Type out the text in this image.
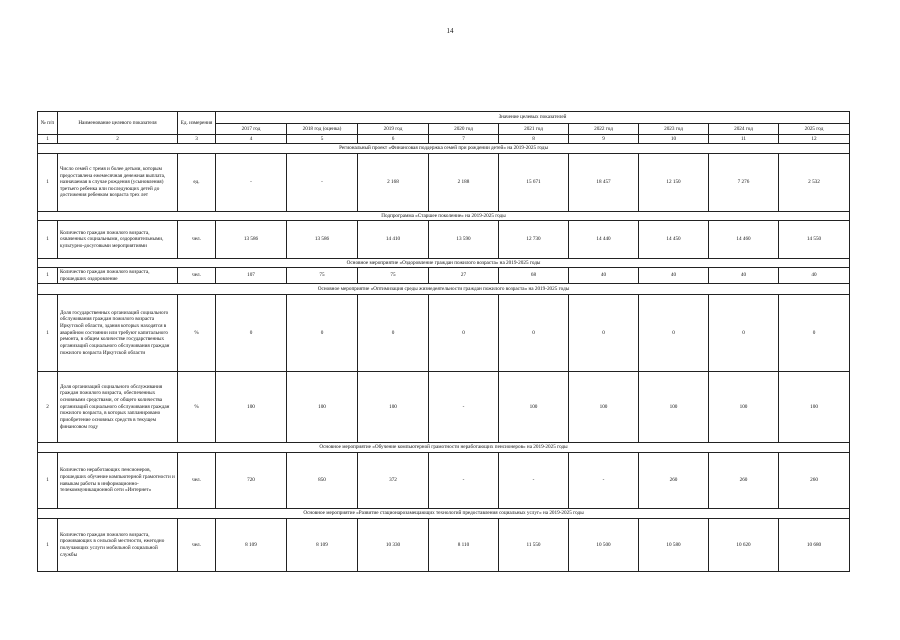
14
№ п/п	Наименование целевого показателя	Ед. измерения	Значение целевых показателей								
			2017 год	2018 год (оценка)	2019 год	2020 год	2021 год	2022 год	2023 год	2024 год	2025 год
1	2	3	4	5	6	7	8	9	10	11	12
Региональный проект «Финансовая поддержка семей при рождении детей» на 2019-2025 годы											
1	Число семей с тремя и более детьми, которым предоставлена ежемесячная денежная выплата, назначаемая в случае рождения (усыновления) третьего ребенка или последующих детей до достижения ребенком возраста трех лет	ед.	-	-	2 168	2 188	15 671	18 457	12 150	7 276	2 532
Подпрограмма «Старшее поколение» на 2019-2025 годы											
1	Количество граждан пожилого возраста, охваченных социальными, оздоровительными, культурно-досуговыми мероприятиями	чел.	13 586	13 586	14 410	13 590	12 730	14 440	14 450	14 460	14 550
Основное мероприятие «Оздоровление граждан пожилого возраста» на 2019-2025 годы											
1	Количество граждан пожилого возраста, прошедших оздоровление	чел.	107	75	75	27	68	40	40	40	40
Основное мероприятие «Оптимизация среды жизнедеятельности граждан пожилого возраста» на 2019-2025 годы											
1	Доля государственных организаций социального обслуживания граждан пожилого возраста Иркутской области, здания которых находятся в аварийном состоянии или требуют капитального ремонта, в общем количестве государственных организаций социального обслуживания граждан пожилого возраста Иркутской области	%	0	0	0	0	0	0	0	0	0
2	Доля организаций социального обслуживания граждан пожилого возраста, обеспеченных основными средствами, от общего количества организаций социального обслуживания граждан пожилого возраста, в которых запланировано приобретение основных средств в текущем финансовом году	%	100	100	100	-	100	100	100	100	100
Основное мероприятие «Обучение компьютерной грамотности неработающих пенсионеров» на 2019-2025 годы											
1	Количество неработающих пенсионеров, прошедших обучение компьютерной грамотности и навыкам работы в информационно-телекоммуникационной сети «Интернет»	чел.	720	850	372	-	-	-	260	260	260
Основное мероприятие «Развитие стационарозамещающих технологий предоставления социальных услуг» на 2019-2025 годы											
1	Количество граждан пожилого возраста, проживающих в сельской местности, ежегодно получающих услуги мобильной социальной службы	чел.	8 109	8 109	10 330	8 110	11 550	10 500	10 580	10 620	10 680
